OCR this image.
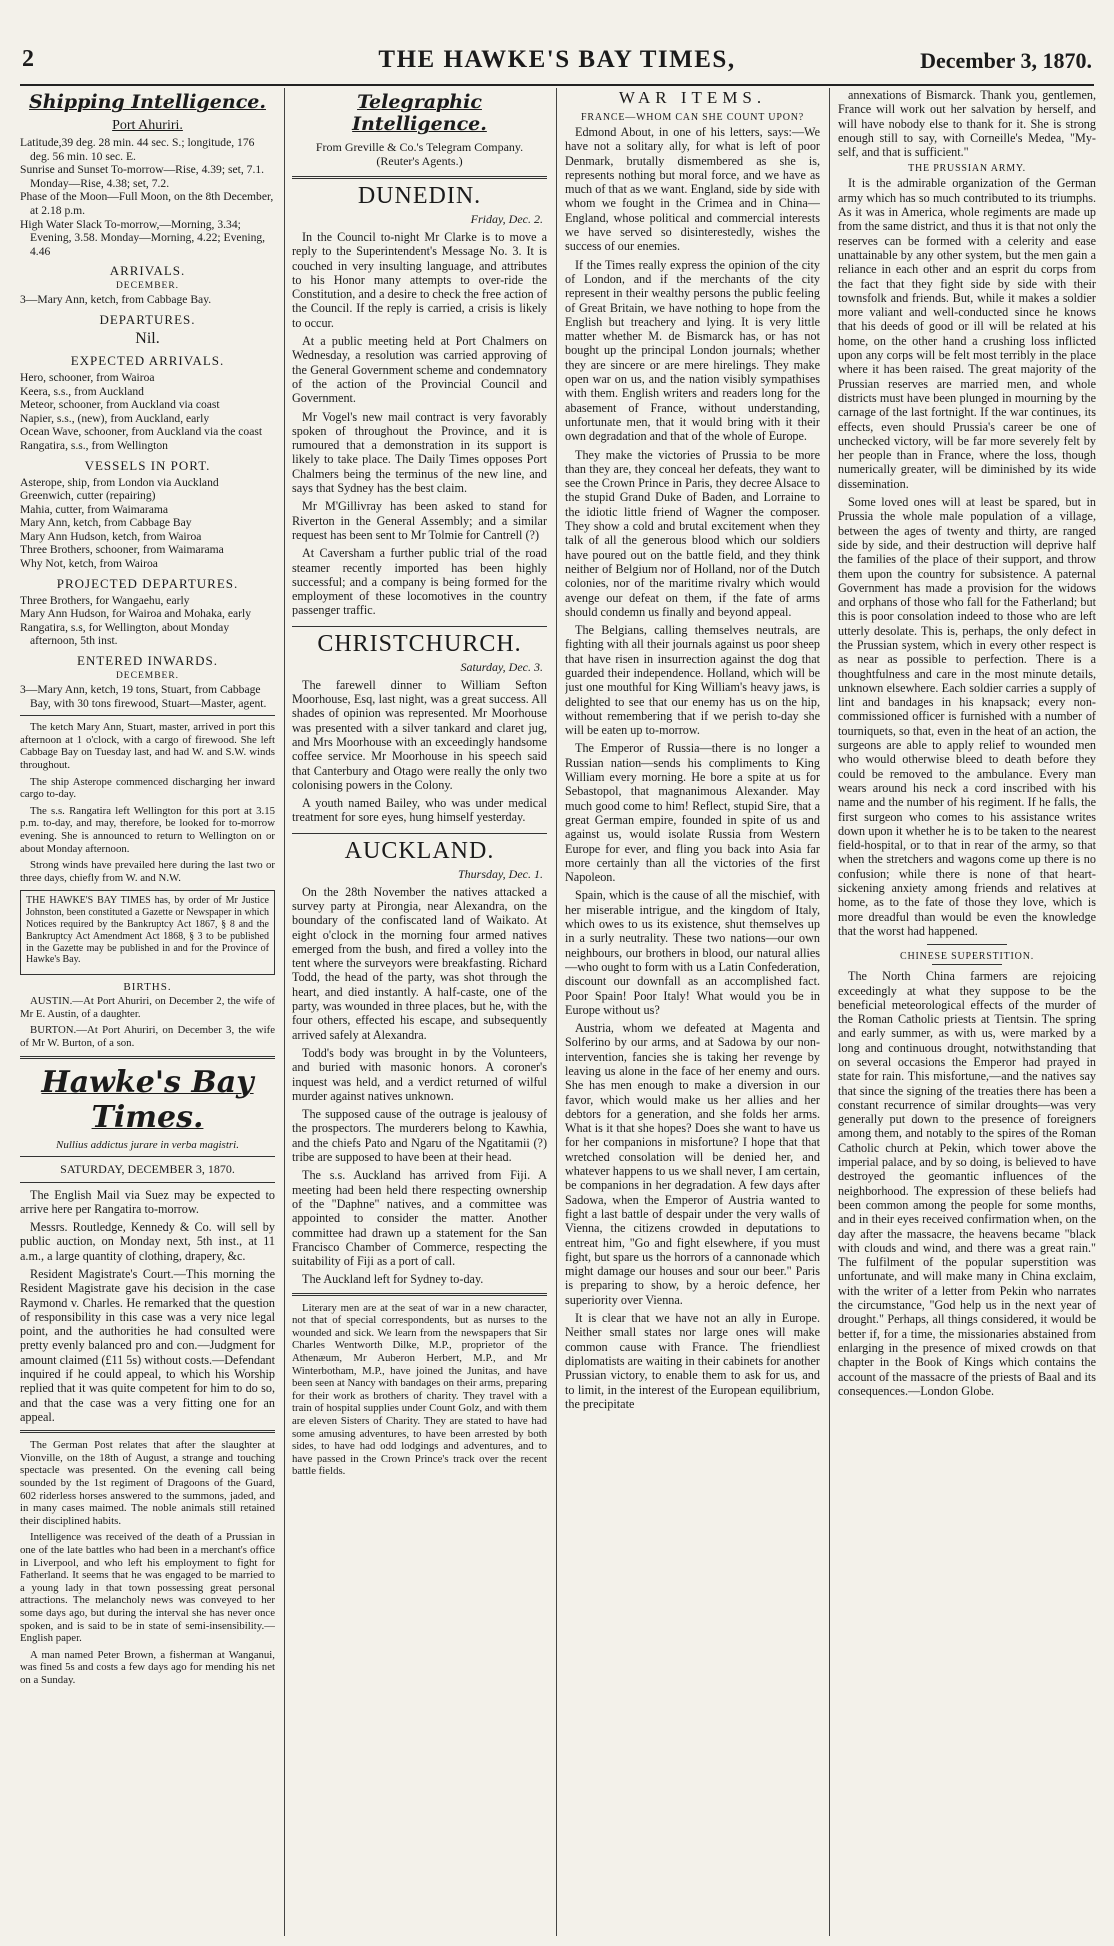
2	THE HAWKE'S BAY TIMES,	December 3, 1870.
Shipping Intelligence.
Port Ahuriri.

Latitude,39 deg. 28 min. 44 sec. S.; longitude, 176 deg. 56 min. 10 sec. E.

Sunrise and Sunset To-morrow—Rise, 4.39; set, 7.1. Monday—Rise, 4.38; set, 7.2.

Phase of the Moon—Full Moon, on the 8th December, at 2.18 p.m.

High Water Slack To-morrow,—Morning, 3.34; Evening, 3.58. Monday—Morning, 4.22; Evening, 4.46

ARRIVALS.
DECEMBER.

3—Mary Ann, ketch, from Cabbage Bay.

DEPARTURES.
Nil.
EXPECTED ARRIVALS.

Hero, schooner, from Wairoa

Keera, s.s., from Auckland

Meteor, schooner, from Auckland via coast

Napier, s.s., (new), from Auckland, early

Ocean Wave, schooner, from Auckland via the coast

Rangatira, s.s., from Wellington

VESSELS IN PORT.

Asterope, ship, from London via Auckland

Greenwich, cutter (repairing)

Mahia, cutter, from Waimarama

Mary Ann, ketch, from Cabbage Bay

Mary Ann Hudson, ketch, from Wairoa

Three Brothers, schooner, from Waimarama

Why Not, ketch, from Wairoa

PROJECTED DEPARTURES.

Three Brothers, for Wangaehu, early

Mary Ann Hudson, for Wairoa and Mohaka, early

Rangatira, s.s, for Wellington, about Monday afternoon, 5th inst.

ENTERED INWARDS.
DECEMBER.

3—Mary Ann, ketch, 19 tons, Stuart, from Cabbage Bay, with 30 tons firewood, Stuart—Master, agent.

The ketch Mary Ann, Stuart, master, arrived in port this afternoon at 1 o'clock, with a cargo of firewood. She left Cabbage Bay on Tuesday last, and had W. and S.W. winds throughout.

The ship Asterope commenced discharging her inward cargo to-day.

The s.s. Rangatira left Wellington for this port at 3.15 p.m. to-day, and may, therefore, be looked for to-morrow evening. She is announced to return to Wellington on or about Monday afternoon.

Strong winds have prevailed here during the last two or three days, chiefly from W. and N.W.

THE HAWKE'S BAY TIMES has, by order of Mr Justice Johnston, been constituted a Gazette or Newspaper in which Notices required by the Bankruptcy Act 1867, § 8 and the Bankruptcy Act Amendment Act 1868, § 3 to be published in the Gazette may be published in and for the Province of Hawke's Bay.

BIRTHS.

AUSTIN.—At Port Ahuriri, on December 2, the wife of Mr E. Austin, of a daughter.

BURTON.—At Port Ahuriri, on December 3, the wife of Mr W. Burton, of a son.

Hawke's Bay Times.
Nullius addictus jurare in verba magistri.
SATURDAY, DECEMBER 3, 1870.

The English Mail via Suez may be expected to arrive here per Rangatira to-morrow.

Messrs. Routledge, Kennedy & Co. will sell by public auction, on Monday next, 5th inst., at 11 a.m., a large quantity of clothing, drapery, &c.

Resident Magistrate's Court.—This morning the Resident Magistrate gave his decision in the case Raymond v. Charles. He remarked that the question of responsibility in this case was a very nice legal point, and the authorities he had consulted were pretty evenly balanced pro and con.—Judgment for amount claimed (£11 5s) without costs.—Defendant inquired if he could appeal, to which his Worship replied that it was quite competent for him to do so, and that the case was a very fitting one for an appeal.

The German Post relates that after the slaughter at Vionville, on the 18th of August, a strange and touching spectacle was presented. On the evening call being sounded by the 1st regiment of Dragoons of the Guard, 602 riderless horses answered to the summons, jaded, and in many cases maimed. The noble animals still retained their disciplined habits.

Intelligence was received of the death of a Prussian in one of the late battles who had been in a merchant's office in Liverpool, and who left his employment to fight for Fatherland. It seems that he was engaged to be married to a young lady in that town possessing great personal attractions. The melancholy news was conveyed to her some days ago, but during the interval she has never once spoken, and is said to be in state of semi-insensibility.—English paper.

A man named Peter Brown, a fisherman at Wanganui, was fined 5s and costs a few days ago for mending his net on a Sunday.

Telegraphic Intelligence.
From Greville & Co.'s Telegram Company. (Reuter's Agents.)
DUNEDIN.
Friday, Dec. 2.

In the Council to-night Mr Clarke is to move a reply to the Superintendent's Message No. 3. It is couched in very insulting language, and attributes to his Honor many attempts to over-ride the Constitution, and a desire to check the free action of the Council. If the reply is carried, a crisis is likely to occur.

At a public meeting held at Port Chalmers on Wednesday, a resolution was carried approving of the General Government scheme and condemnatory of the action of the Provincial Council and Government.

Mr Vogel's new mail contract is very favorably spoken of throughout the Province, and it is rumoured that a demonstration in its support is likely to take place. The Daily Times opposes Port Chalmers being the terminus of the new line, and says that Sydney has the best claim.

Mr M'Gillivray has been asked to stand for Riverton in the General Assembly; and a similar request has been sent to Mr Tolmie for Cantrell (?)

At Caversham a further public trial of the road steamer recently imported has been highly successful; and a company is being formed for the employment of these locomotives in the country passenger traffic.

CHRISTCHURCH.
Saturday, Dec. 3.

The farewell dinner to William Sefton Moorhouse, Esq, last night, was a great success. All shades of opinion was represented. Mr Moorhouse was presented with a silver tankard and claret jug, and Mrs Moorhouse with an exceedingly handsome coffee service. Mr Moorhouse in his speech said that Canterbury and Otago were really the only two colonising powers in the Colony.

A youth named Bailey, who was under medical treatment for sore eyes, hung himself yesterday.

AUCKLAND.
Thursday, Dec. 1.

On the 28th November the natives attacked a survey party at Pirongia, near Alexandra, on the boundary of the confiscated land of Waikato. At eight o'clock in the morning four armed natives emerged from the bush, and fired a volley into the tent where the surveyors were breakfasting. Richard Todd, the head of the party, was shot through the heart, and died instantly. A half-caste, one of the party, was wounded in three places, but he, with the four others, effected his escape, and subsequently arrived safely at Alexandra.

Todd's body was brought in by the Volunteers, and buried with masonic honors. A coroner's inquest was held, and a verdict returned of wilful murder against natives unknown.

The supposed cause of the outrage is jealousy of the prospectors. The murderers belong to Kawhia, and the chiefs Pato and Ngaru of the Ngatitamii (?) tribe are supposed to have been at their head.

The s.s. Auckland has arrived from Fiji. A meeting had been held there respecting ownership of the "Daphne" natives, and a committee was appointed to consider the matter. Another committee had drawn up a statement for the San Francisco Chamber of Commerce, respecting the suitability of Fiji as a port of call.

The Auckland left for Sydney to-day.

Literary men are at the seat of war in a new character, not that of special correspondents, but as nurses to the wounded and sick. We learn from the newspapers that Sir Charles Wentworth Dilke, M.P., proprietor of the Athenæum, Mr Auberon Herbert, M.P., and Mr Winterbotham, M.P., have joined the Junitas, and have been seen at Nancy with bandages on their arms, preparing for their work as brothers of charity. They travel with a train of hospital supplies under Count Golz, and with them are eleven Sisters of Charity. They are stated to have had some amusing adventures, to have been arrested by both sides, to have had odd lodgings and adventures, and to have passed in the Crown Prince's track over the recent battle fields.

WAR ITEMS.
FRANCE—WHOM CAN SHE COUNT UPON?

Edmond About, in one of his letters, says:—We have not a solitary ally, for what is left of poor Denmark, brutally dismembered as she is, represents nothing but moral force, and we have as much of that as we want. England, side by side with whom we fought in the Crimea and in China—England, whose political and commercial interests we have served so disinterestedly, wishes the success of our enemies.

If the Times really express the opinion of the city of London, and if the merchants of the city represent in their wealthy persons the public feeling of Great Britain, we have nothing to hope from the English but treachery and lying. It is very little matter whether M. de Bismarck has, or has not bought up the principal London journals; whether they are sincere or are mere hirelings. They make open war on us, and the nation visibly sympathises with them. English writers and readers long for the abasement of France, without understanding, unfortunate men, that it would bring with it their own degradation and that of the whole of Europe.

They make the victories of Prussia to be more than they are, they conceal her defeats, they want to see the Crown Prince in Paris, they decree Alsace to the stupid Grand Duke of Baden, and Lorraine to the idiotic little friend of Wagner the composer. They show a cold and brutal excitement when they talk of all the generous blood which our soldiers have poured out on the battle field, and they think neither of Belgium nor of Holland, nor of the Dutch colonies, nor of the maritime rivalry which would avenge our defeat on them, if the fate of arms should condemn us finally and beyond appeal.

The Belgians, calling themselves neutrals, are fighting with all their journals against us poor sheep that have risen in insurrection against the dog that guarded their independence. Holland, which will be just one mouthful for King William's heavy jaws, is delighted to see that our enemy has us on the hip, without remembering that if we perish to-day she will be eaten up to-morrow.

The Emperor of Russia—there is no longer a Russian nation—sends his compliments to King William every morning. He bore a spite at us for Sebastopol, that magnanimous Alexander. May much good come to him! Reflect, stupid Sire, that a great German empire, founded in spite of us and against us, would isolate Russia from Western Europe for ever, and fling you back into Asia far more certainly than all the victories of the first Napoleon.

Spain, which is the cause of all the mischief, with her miserable intrigue, and the kingdom of Italy, which owes to us its existence, shut themselves up in a surly neutrality. These two nations—our own neighbours, our brothers in blood, our natural allies—who ought to form with us a Latin Confederation, discount our downfall as an accomplished fact. Poor Spain! Poor Italy! What would you be in Europe without us?

Austria, whom we defeated at Magenta and Solferino by our arms, and at Sadowa by our non-intervention, fancies she is taking her revenge by leaving us alone in the face of her enemy and ours. She has men enough to make a diversion in our favor, which would make us her allies and her debtors for a generation, and she folds her arms. What is it that she hopes? Does she want to have us for her companions in misfortune? I hope that that wretched consolation will be denied her, and whatever happens to us we shall never, I am certain, be companions in her degradation. A few days after Sadowa, when the Emperor of Austria wanted to fight a last battle of despair under the very walls of Vienna, the citizens crowded in deputations to entreat him, "Go and fight elsewhere, if you must fight, but spare us the horrors of a cannonade which might damage our houses and sour our beer." Paris is preparing to show, by a heroic defence, her superiority over Vienna.

It is clear that we have not an ally in Europe. Neither small states nor large ones will make common cause with France. The friendliest diplomatists are waiting in their cabinets for another Prussian victory, to enable them to ask for us, and to limit, in the interest of the European equilibrium, the precipitate

annexations of Bismarck. Thank you, gentlemen, France will work out her salvation by herself, and will have nobody else to thank for it. She is strong enough still to say, with Corneille's Medea, "My-self, and that is sufficient."

THE PRUSSIAN ARMY.

It is the admirable organization of the German army which has so much contributed to its triumphs. As it was in America, whole regiments are made up from the same district, and thus it is that not only the reserves can be formed with a celerity and ease unattainable by any other system, but the men gain a reliance in each other and an esprit du corps from the fact that they fight side by side with their townsfolk and friends. But, while it makes a soldier more valiant and well-conducted since he knows that his deeds of good or ill will be related at his home, on the other hand a crushing loss inflicted upon any corps will be felt most terribly in the place where it has been raised. The great majority of the Prussian reserves are married men, and whole districts must have been plunged in mourning by the carnage of the last fortnight. If the war continues, its effects, even should Prussia's career be one of unchecked victory, will be far more severely felt by her people than in France, where the loss, though numerically greater, will be diminished by its wide dissemination.

Some loved ones will at least be spared, but in Prussia the whole male population of a village, between the ages of twenty and thirty, are ranged side by side, and their destruction will deprive half the families of the place of their support, and throw them upon the country for subsistence. A paternal Government has made a provision for the widows and orphans of those who fall for the Fatherland; but this is poor consolation indeed to those who are left utterly desolate. This is, perhaps, the only defect in the Prussian system, which in every other respect is as near as possible to perfection. There is a thoughtfulness and care in the most minute details, unknown elsewhere. Each soldier carries a supply of lint and bandages in his knapsack; every non-commissioned officer is furnished with a number of tourniquets, so that, even in the heat of an action, the surgeons are able to apply relief to wounded men who would otherwise bleed to death before they could be removed to the ambulance. Every man wears around his neck a cord inscribed with his name and the number of his regiment. If he falls, the first surgeon who comes to his assistance writes down upon it whether he is to be taken to the nearest field-hospital, or to that in rear of the army, so that when the stretchers and wagons come up there is no confusion; while there is none of that heart-sickening anxiety among friends and relatives at home, as to the fate of those they love, which is more dreadful than would be even the knowledge that the worst had happened.

CHINESE SUPERSTITION.

The North China farmers are rejoicing exceedingly at what they suppose to be the beneficial meteorological effects of the murder of the Roman Catholic priests at Tientsin. The spring and early summer, as with us, were marked by a long and continuous drought, notwithstanding that on several occasions the Emperor had prayed in state for rain. This misfortune,—and the natives say that since the signing of the treaties there has been a constant recurrence of similar droughts—was very generally put down to the presence of foreigners among them, and notably to the spires of the Roman Catholic church at Pekin, which tower above the imperial palace, and by so doing, is believed to have destroyed the geomantic influences of the neighborhood. The expression of these beliefs had been common among the people for some months, and in their eyes received confirmation when, on the day after the massacre, the heavens became "black with clouds and wind, and there was a great rain." The fulfilment of the popular superstition was unfortunate, and will make many in China exclaim, with the writer of a letter from Pekin who narrates the circumstance, "God help us in the next year of drought." Perhaps, all things considered, it would be better if, for a time, the missionaries abstained from enlarging in the presence of mixed crowds on that chapter in the Book of Kings which contains the account of the massacre of the priests of Baal and its consequences.—London Globe.
